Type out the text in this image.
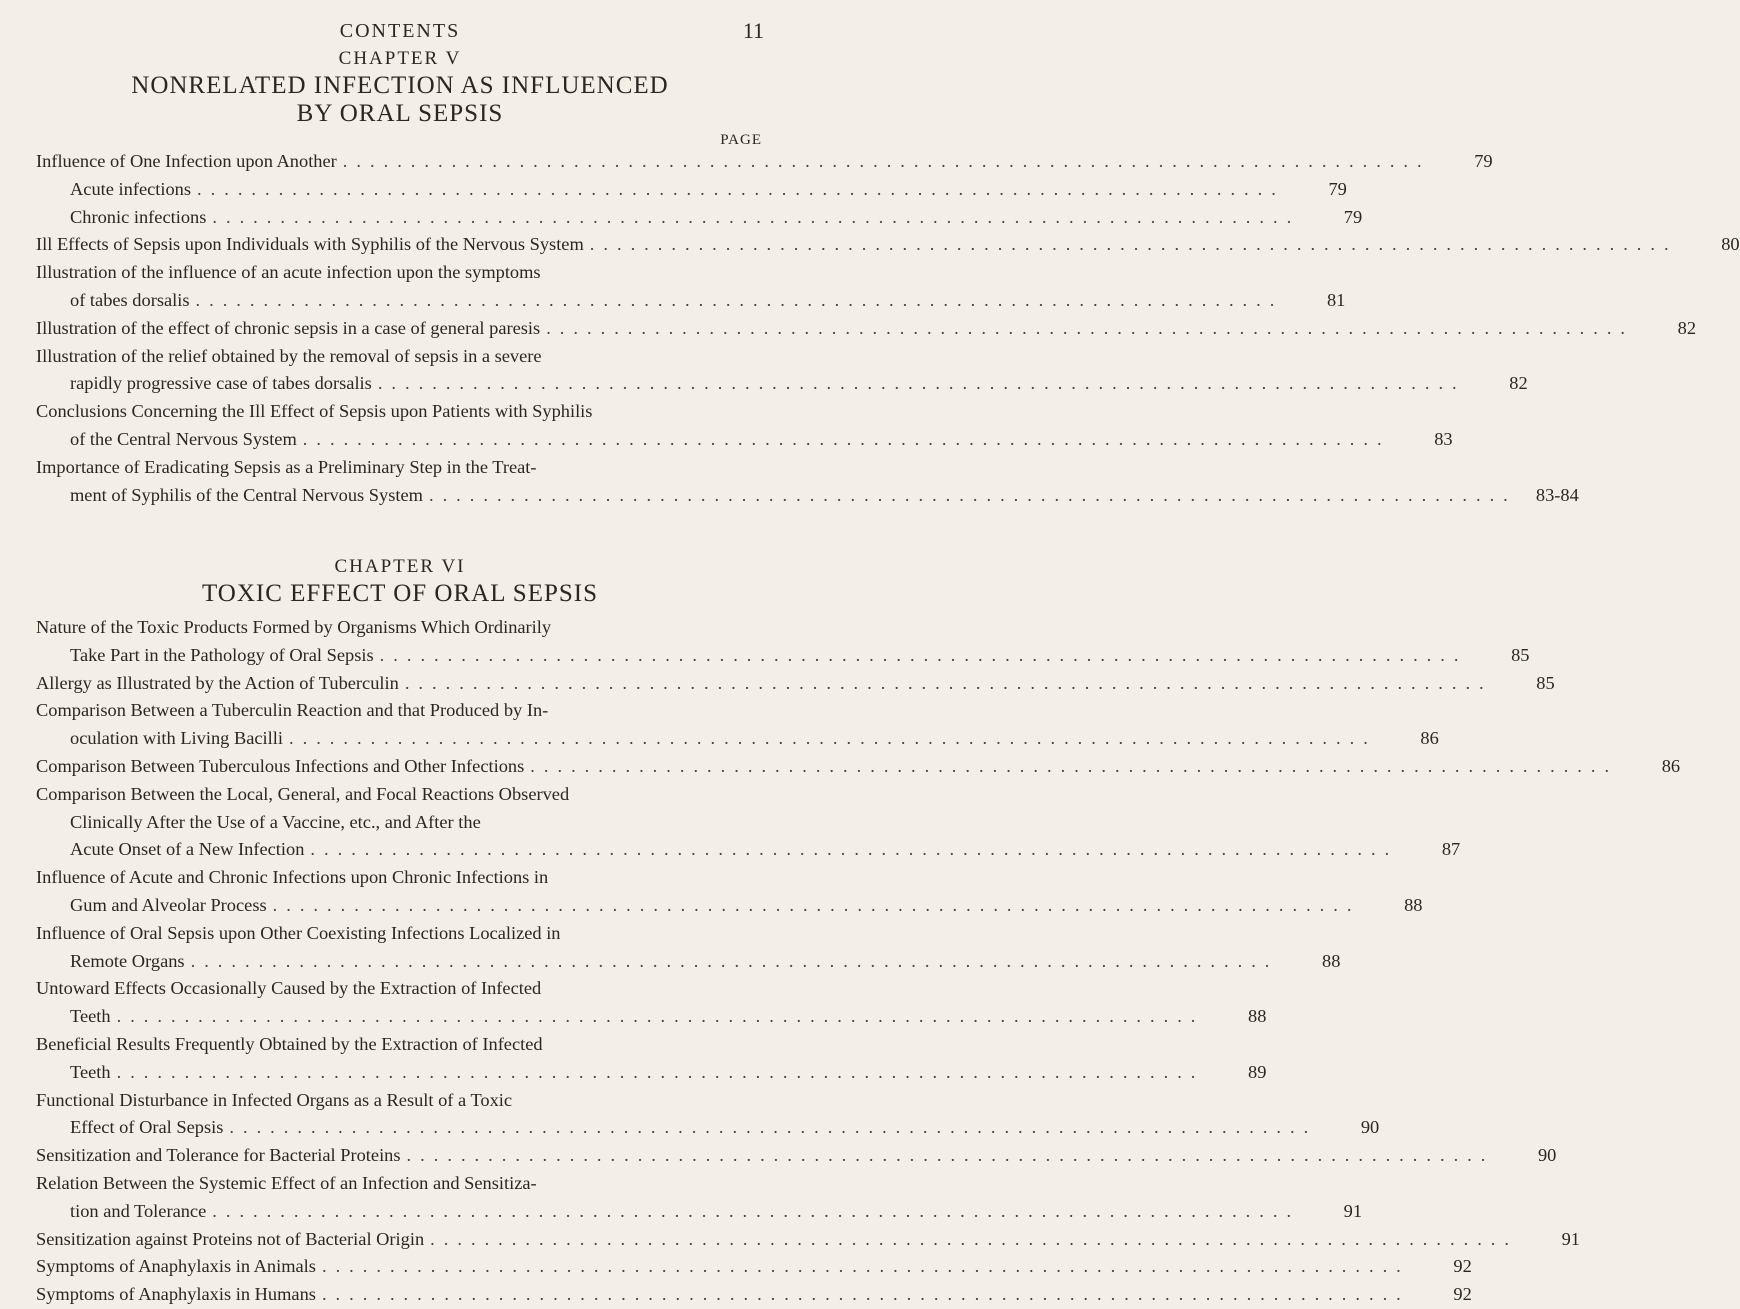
CONTENTS	11
CHAPTER V
NONRELATED INFECTION AS INFLUENCED
BY ORAL SEPSIS
PAGE
Influence of One Infection upon Another ................................................................................	79
Acute infections ................................................................................	79
Chronic infections ................................................................................	79
Ill Effects of Sepsis upon Individuals with Syphilis of the Nervous System ................................................................................	80
Illustration of the influence of an acute infection upon the symptoms
of tabes dorsalis ................................................................................	81
Illustration of the effect of chronic sepsis in a case of general paresis ................................................................................	82
Illustration of the relief obtained by the removal of sepsis in a severe
rapidly progressive case of tabes dorsalis ................................................................................	82
Conclusions Concerning the Ill Effect of Sepsis upon Patients with Syphilis
of the Central Nervous System ................................................................................	83
Importance of Eradicating Sepsis as a Preliminary Step in the Treat-
ment of Syphilis of the Central Nervous System ................................................................................	83-84
CHAPTER VI
TOXIC EFFECT OF ORAL SEPSIS
Nature of the Toxic Products Formed by Organisms Which Ordinarily
Take Part in the Pathology of Oral Sepsis ................................................................................	85
Allergy as Illustrated by the Action of Tuberculin ................................................................................	85
Comparison Between a Tuberculin Reaction and that Produced by In-
oculation with Living Bacilli ................................................................................	86
Comparison Between Tuberculous Infections and Other Infections ................................................................................	86
Comparison Between the Local, General, and Focal Reactions Observed
Clinically After the Use of a Vaccine, etc., and After the
Acute Onset of a New Infection ................................................................................	87
Influence of Acute and Chronic Infections upon Chronic Infections in
Gum and Alveolar Process ................................................................................	88
Influence of Oral Sepsis upon Other Coexisting Infections Localized in
Remote Organs ................................................................................	88
Untoward Effects Occasionally Caused by the Extraction of Infected
Teeth ................................................................................	88
Beneficial Results Frequently Obtained by the Extraction of Infected
Teeth ................................................................................	89
Functional Disturbance in Infected Organs as a Result of a Toxic
Effect of Oral Sepsis ................................................................................	90
Sensitization and Tolerance for Bacterial Proteins ................................................................................	90
Relation Between the Systemic Effect of an Infection and Sensitiza-
tion and Tolerance ................................................................................	91
Sensitization against Proteins not of Bacterial Origin ................................................................................	91
Symptoms of Anaphylaxis in Animals ................................................................................	92
Symptoms of Anaphylaxis in Humans ................................................................................	92
